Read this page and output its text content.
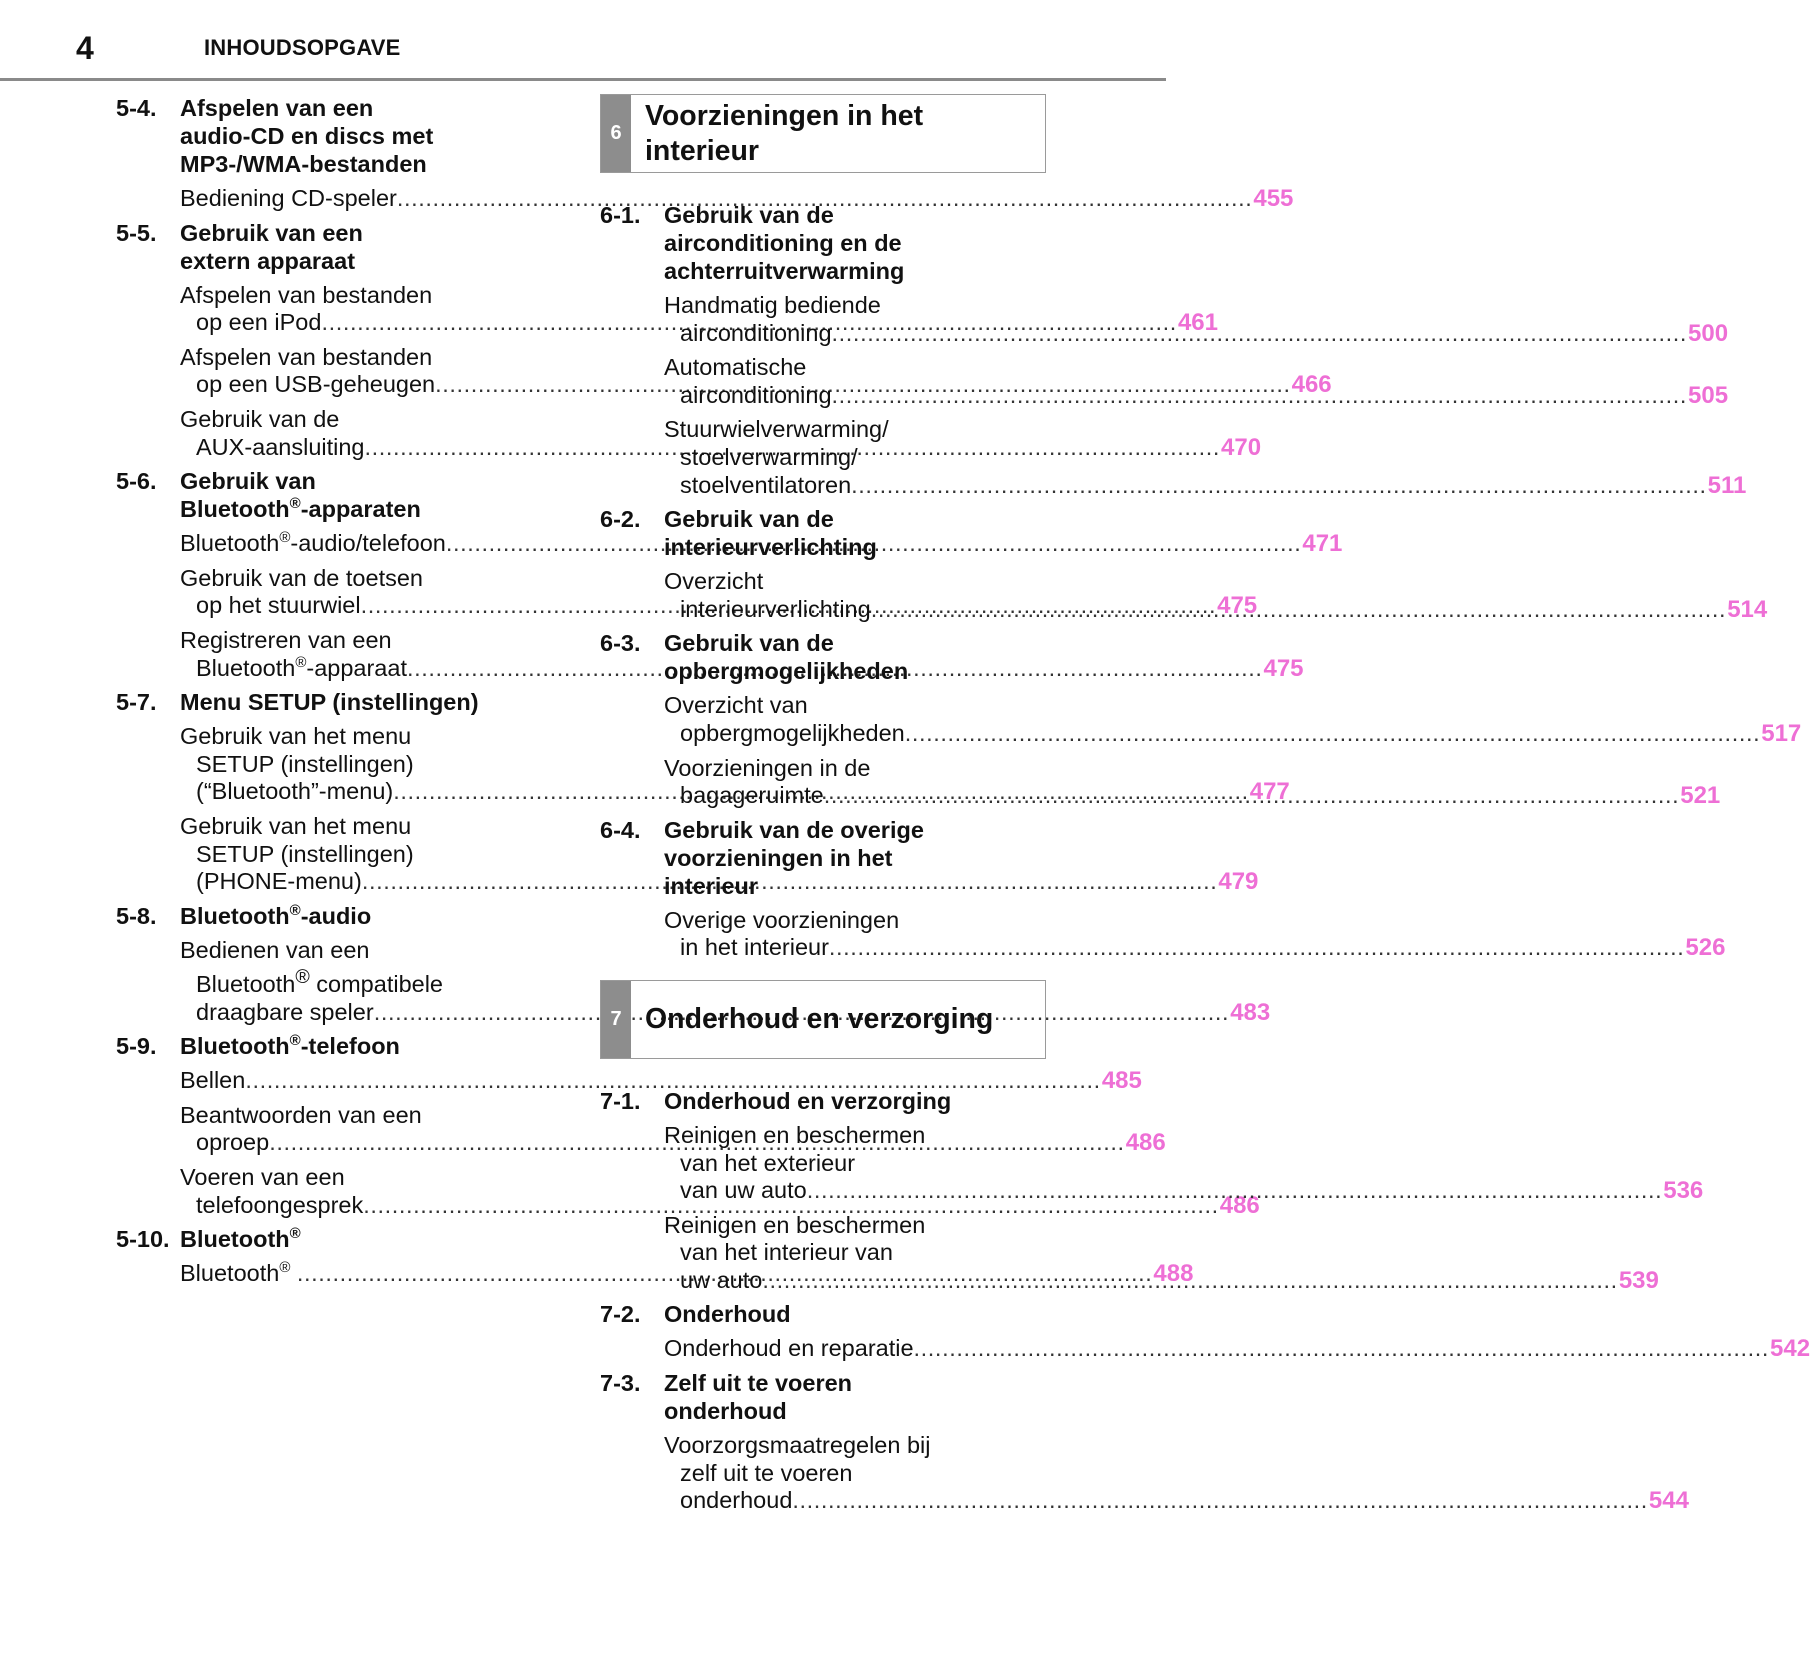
4	INHOUDSOPGAVE
5-4.	Afspelen van een
audio-CD en discs met
MP3-/WMA-bestanden
Bediening CD-speler .....	455
5-5.	Gebruik van een
extern apparaat
Afspelen van bestanden
op een iPod .....	461
Afspelen van bestanden
op een USB-geheugen .....	466
Gebruik van de
AUX-aansluiting .....	470
5-6.	Gebruik van
Bluetooth®-apparaten
Bluetooth®-audio/telefoon .....	471
Gebruik van de toetsen
op het stuurwiel .....	475
Registreren van een
Bluetooth®-apparaat .....	475
5-7.	Menu SETUP (instellingen)
Gebruik van het menu
SETUP (instellingen)
(“Bluetooth”-menu) .....	477
Gebruik van het menu
SETUP (instellingen)
(PHONE-menu) .....	479
5-8.	Bluetooth®-audio
Bedienen van een
Bluetooth® compatibele
draagbare speler .....	483
5-9.	Bluetooth®-telefoon
Bellen .....	485
Beantwoorden van een
oproep .....	486
Voeren van een
telefoongesprek .....	486
5-10. Bluetooth®
Bluetooth® .....	488
6
Voorzieningen in het
interieur
6-1.	Gebruik van de
airconditioning en de
achterruitverwarming
Handmatig bediende
airconditioning .....	500
Automatische
airconditioning .....	505
Stuurwielverwarming/
stoelverwarming/
stoelventilatoren .....	511
6-2.	Gebruik van de
interieurverlichting
Overzicht
interieurverlichting .....	514
6-3.	Gebruik van de
opbergmogelijkheden
Overzicht van
opbergmogelijkheden .....	517
Voorzieningen in de
bagageruimte .....	521
6-4.	Gebruik van de overige
voorzieningen in het
interieur
Overige voorzieningen
in het interieur .....	526
7 Onderhoud en verzorging
7-1.	Onderhoud en verzorging
Reinigen en beschermen
van het exterieur
van uw auto .....	536
Reinigen en beschermen
van het interieur van
uw auto .....	539
7-2.	Onderhoud
Onderhoud en reparatie .....	542
7-3.	Zelf uit te voeren
onderhoud
Voorzorgsmaatregelen bij
zelf uit te voeren
onderhoud .....	544
